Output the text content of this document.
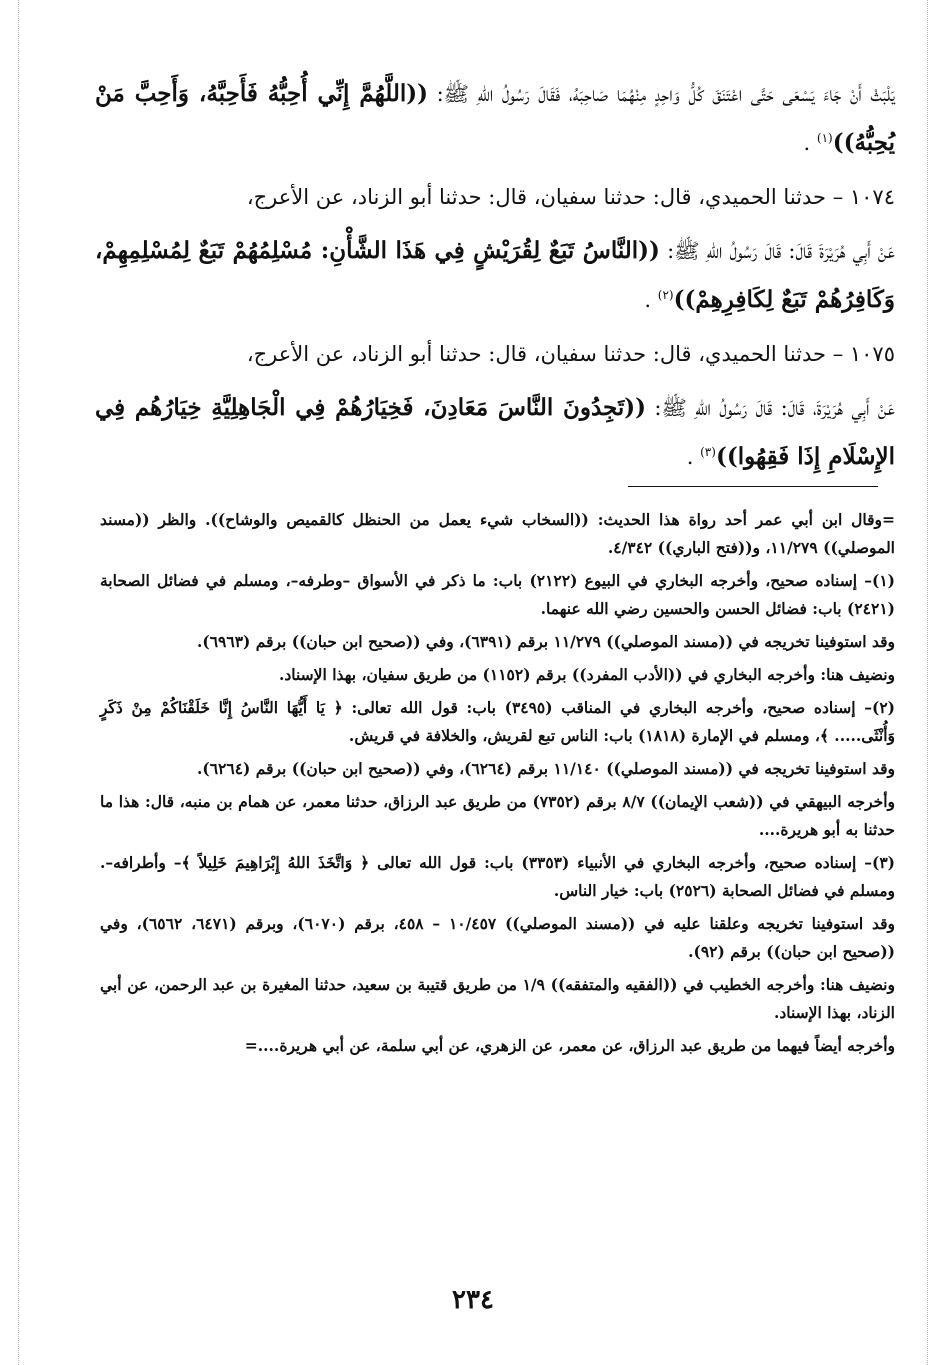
يَلْبَثْ أَنْ جَاءَ يَسْعَى حَتَّى اعْتَنَقَ كُلُّ وَاحِدٍ مِنْهُمَا صَاحِبَهُ، فَقَالَ رَسُولُ اللهِ ﷺ: ((اللَّهُمَّ إِنِّي أُحِبُّهُ فَأَحِبَّهُ، وَأَحِبَّ مَنْ يُحِبُّهُ))$^{(١)}$ .

١٠٧٤ – حدثنا الحميدي، قال: حدثنا سفيان، قال: حدثنا أبو الزناد، عن الأعرج،

عَنْ أَبِي هُرَيْرَةَ قَالَ: قَالَ رَسُولُ اللهِ ﷺ: ((النَّاسُ تَبَعٌ لِقُرَيْشٍ فِي هَذَا الشَّأْنِ: مُسْلِمُهُمْ تَبَعٌ لِمُسْلِمِهِمْ، وَكَافِرُهُمْ تَبَعٌ لِكَافِرِهِمْ))$^{(٢)}$ .

١٠٧٥ – حدثنا الحميدي، قال: حدثنا سفيان، قال: حدثنا أبو الزناد، عن الأعرج،

عَنْ أَبِي هُرَيْرَةَ، قَالَ: قَالَ رَسُولُ اللهِ ﷺ: ((تَجِدُونَ النَّاسَ مَعَادِنَ، فَخِيَارُهُمْ فِي الْجَاهِلِيَّةِ خِيَارُهُم فِي الإِسْلَامِ إِذَا فَقِهُوا))$^{(٣)}$ .

=وقال ابن أبي عمر أحد رواة هذا الحديث: ((السخاب شيء يعمل من الحنظل كالقميص والوشاح)). والظر ((مسند الموصلي)) ١١/٢٧٩، و((فتح الباري)) ٤/٣٤٢.

(١)– إسناده صحيح، وأخرجه البخاري في البيوع (٢١٢٢) باب: ما ذكر في الأسواق –وطرفه–، ومسلم في فضائل الصحابة (٢٤٢١) باب: فضائل الحسن والحسين رضي الله عنهما.

وقد استوفينا تخريجه في ((مسند الموصلي)) ١١/٢٧٩ برقم (٦٣٩١)، وفي ((صحيح ابن حبان)) برقم (٦٩٦٣).

ونضيف هنا: وأخرجه البخاري في ((الأدب المفرد)) برقم (١١٥٢) من طريق سفيان، بهذا الإسناد.

(٢)– إسناده صحيح، وأخرجه البخاري في المناقب (٣٤٩٥) باب: قول الله تعالى: ﴿ يَا أَيُّهَا النَّاسُ إِنَّا خَلَقْنَاكُمْ مِنْ ذَكَرٍ وَأُنْثَى..... ﴾، ومسلم في الإمارة (١٨١٨) باب: الناس تبع لقريش، والخلافة في قريش.

وقد استوفينا تخريجه في ((مسند الموصلي)) ١١/١٤٠ برقم (٦٢٦٤)، وفي ((صحيح ابن حبان)) برقم (٦٢٦٤).

وأخرجه البيهقي في ((شعب الإيمان)) ٨/٧ برقم (٧٣٥٢) من طريق عبد الرزاق، حدثنا معمر، عن همام بن منبه، قال: هذا ما حدثنا به أبو هريرة....

(٣)– إسناده صحيح، وأخرجه البخاري في الأنبياء (٣٣٥٣) باب: قول الله تعالى ﴿ وَاتَّخَذَ اللهُ إِبْرَاهِيمَ خَلِيلاً ﴾– وأطرافه–. ومسلم في فضائل الصحابة (٢٥٢٦) باب: خيار الناس.

وقد استوفينا تخريجه وعلقنا عليه في ((مسند الموصلي)) ١٠/٤٥٧ – ٤٥٨، برقم (٦٠٧٠)، وبرقم (٦٤٧١، ٦٥٦٢)، وفي ((صحيح ابن حبان)) برقم (٩٢).

ونضيف هنا: وأخرجه الخطيب في ((الفقيه والمتفقه)) ١/٩ من طريق قتيبة بن سعيد، حدثنا المغيرة بن عبد الرحمن، عن أبي الزناد، بهذا الإسناد.

وأخرجه أيضاً فيهما من طريق عبد الرزاق، عن معمر، عن الزهري، عن أبي سلمة، عن أبي هريرة....=

٢٣٤
